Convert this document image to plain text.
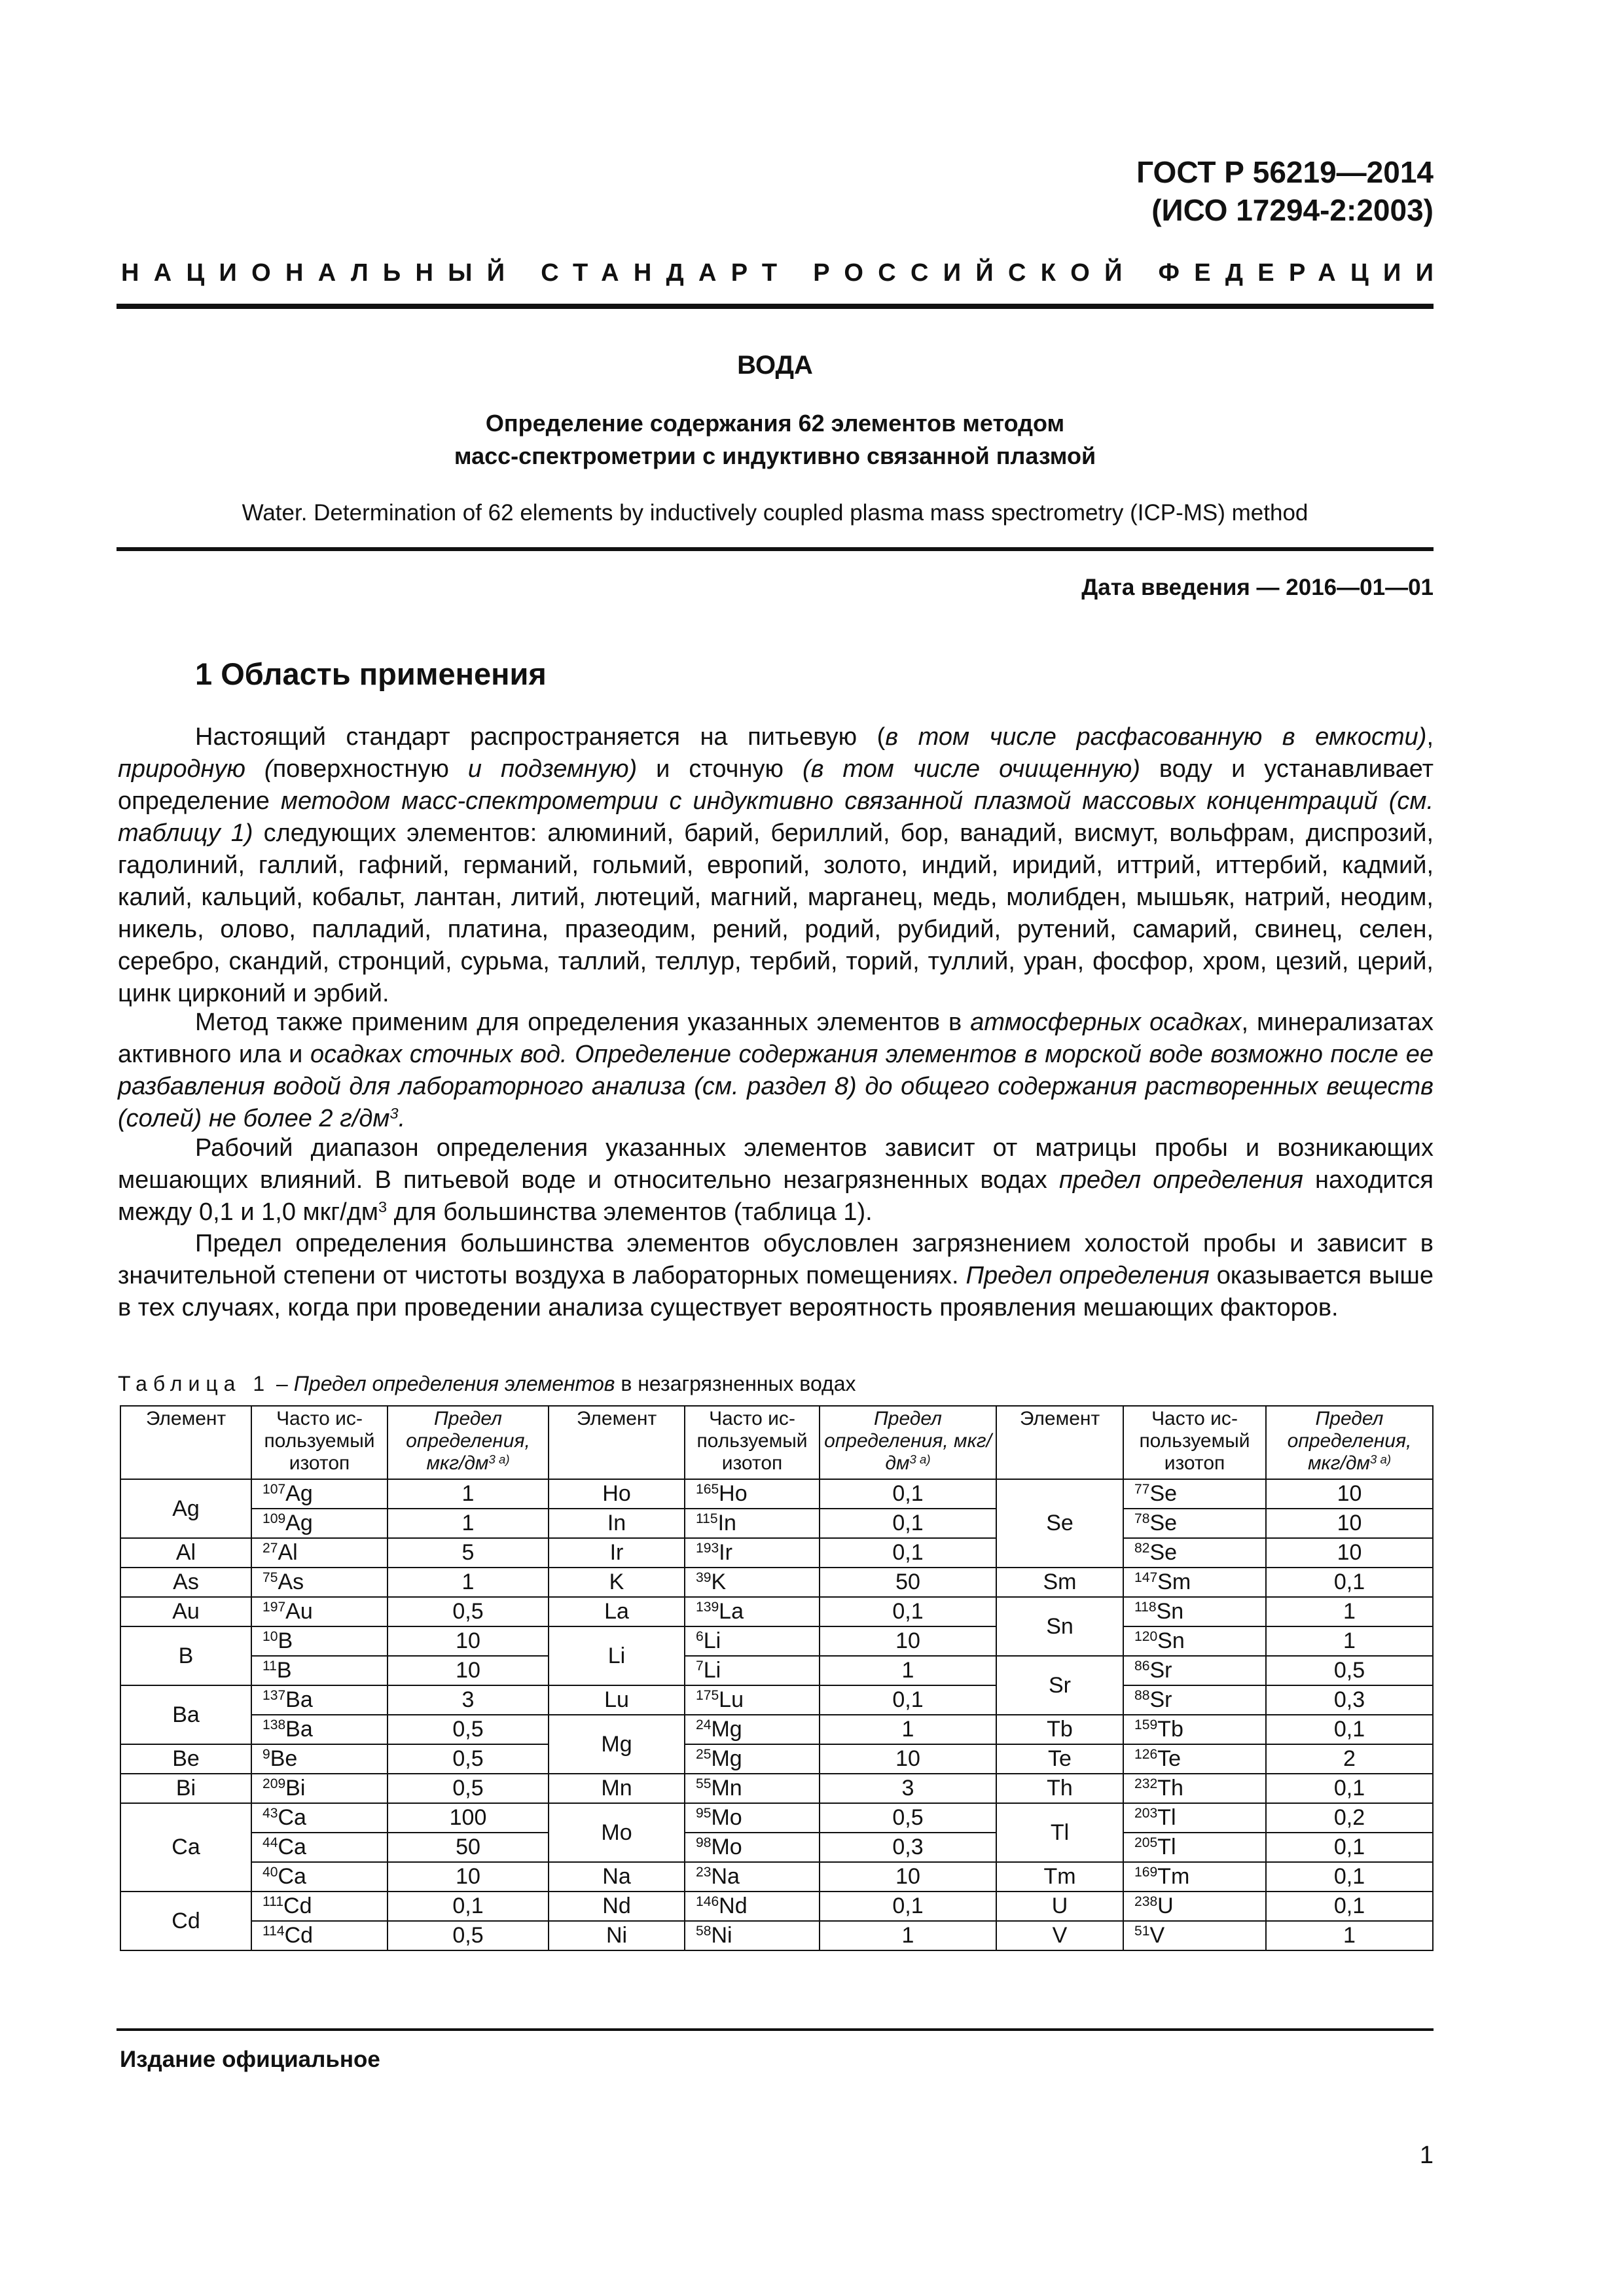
ГОСТ Р 56219—2014
(ИСО 17294-2:2003)
НАЦИОНАЛЬНЫЙ СТАНДАРТ РОССИЙСКОЙ ФЕДЕРАЦИИ
ВОДА
Определение содержания 62 элементов методом
масс-спектрометрии с индуктивно связанной плазмой
Water. Determination of 62 elements by inductively coupled plasma mass spectrometry (ICP-MS) method
Дата введения — 2016—01—01
1 Область применения

Настоящий стандарт распространяется на питьевую (в том числе расфасованную в емкости), природную (поверхностную и подземную) и сточную (в том числе очищенную) воду и устанавливает определение методом масс-спектрометрии с индуктивно связанной плазмой массовых концентраций (см. таблицу 1) следующих элементов: алюминий, барий, бериллий, бор, ванадий, висмут, вольфрам, диспрозий, гадолиний, галлий, гафний, германий, гольмий, европий, золото, индий, иридий, иттрий, иттербий, кадмий, калий, кальций, кобальт, лантан, литий, лютеций, магний, марганец, медь, молибден, мышьяк, натрий, неодим, никель, олово, палладий, платина, празеодим, рений, родий, рубидий, рутений, самарий, свинец, селен, серебро, скандий, стронций, сурьма, таллий, теллур, тербий, торий, туллий, уран, фосфор, хром, цезий, церий, цинк цирконий и эрбий.

Метод также применим для определения указанных элементов в атмосферных осадках, минерализатах активного ила и осадках сточных вод. Определение содержания элементов в морской воде возможно после ее разбавления водой для лабораторного анализа (см. раздел 8) до общего содержания растворенных веществ (солей) не более 2 $г/дм^3$.

Рабочий диапазон определения указанных элементов зависит от матрицы пробы и возникающих мешающих влияний. В питьевой воде и относительно незагрязненных водах предел определения находится между 0,1 и 1,0 мкг/$дм^3$ для большинства элементов (таблица 1).

Предел определения большинства элементов обусловлен загрязнением холостой пробы и зависит в значительной степени от чистоты воздуха в лабораторных помещениях. Предел определения оказывается выше в тех случаях, когда при проведении анализа существует вероятность проявления мешающих факторов.

Таблица 1 – Предел определения элементов в незагрязненных водах
Элемент	Часто используемый изотоп	Предел определения, мкг/$дм^{3 а)}$	Элемент	Часто используемый изотоп	Предел определения, мкг/$дм^{3 а)}$	Элемент	Часто используемый изотоп	Предел определения, мкг/$дм^{3 а)}$
Ag	$^{107}$Ag	1	Ho	$^{165}$Ho	0,1	Se	$^{77}$Se	10
	$^{109}$Ag	1	In	$^{115}$In	0,1		$^{78}$Se	10
Al	$^{27}$Al	5	Ir	$^{193}$Ir	0,1		$^{82}$Se	10
As	$^{75}$As	1	K	$^{39}$K	50	Sm	$^{147}$Sm	0,1
Au	$^{197}$Au	0,5	La	$^{139}$La	0,1	Sn	$^{118}$Sn	1
B	$^{10}$B	10	Li	$^6$Li	10		$^{120}$Sn	1
	$^{11}$B	10		$^7$Li	1	Sr	$^{86}$Sr	0,5
Ba	$^{137}$Ba	3	Lu	$^{175}$Lu	0,1		$^{88}$Sr	0,3
	$^{138}$Ba	0,5	Mg	$^{24}$Mg	1	Tb	$^{159}$Tb	0,1
Be	$^9$Be	0,5		$^{25}$Mg	10	Te	$^{126}$Te	2
Bi	$^{209}$Bi	0,5	Mn	$^{55}$Mn	3	Th	$^{232}$Th	0,1
Ca	$^{43}$Ca	100	Mo	$^{95}$Mo	0,5	Tl	$^{203}$Tl	0,2
	$^{44}$Ca	50		$^{98}$Mo	0,3		$^{205}$Tl	0,1
	$^{40}$Ca	10	Na	$^{23}$Na	10	Tm	$^{169}$Tm	0,1
Cd	$^{111}$Cd	0,1	Nd	$^{146}$Nd	0,1	U	$^{238}$U	0,1
	$^{114}$Cd	0,5	Ni	$^{58}$Ni	1	V	$^{51}$V	1
Издание официальное
1
